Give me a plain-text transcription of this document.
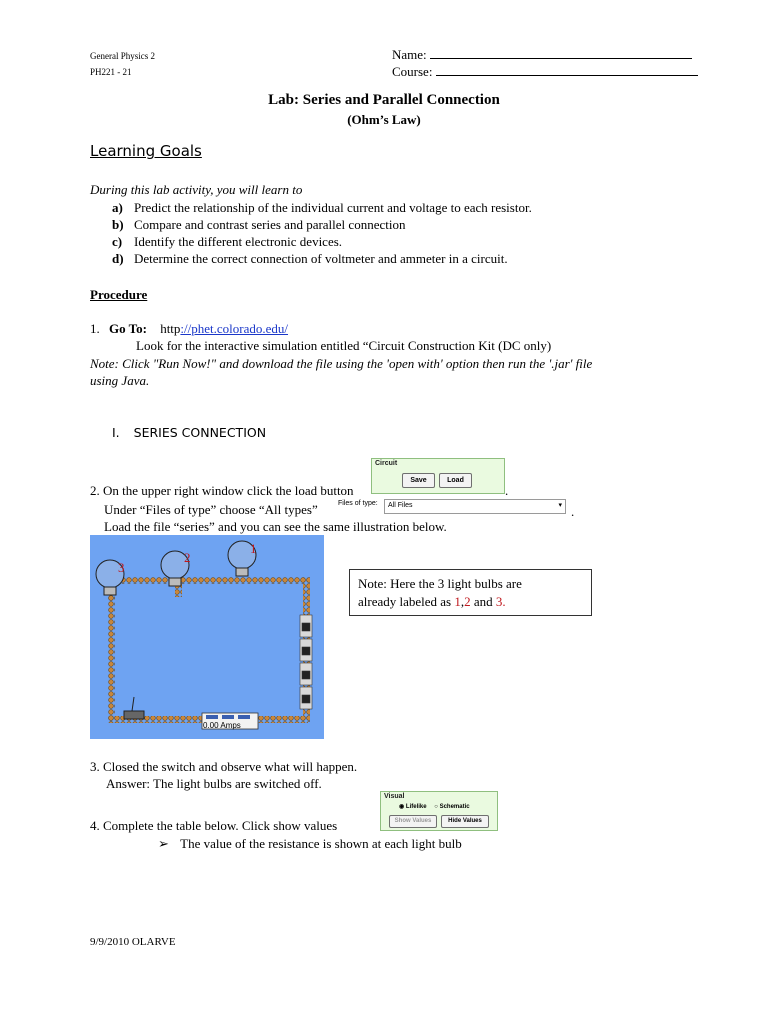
General Physics 2
PH221 - 21
Name:
Course:
Lab: Series and Parallel Connection
(Ohm’s Law)
Learning Goals
During this lab activity, you will learn to
a) Predict the relationship of the individual current and voltage to each resistor.
b) Compare and contrast series and parallel connection
c) Identify the different electronic devices.
d) Determine the correct connection of voltmeter and ammeter in a circuit.
Procedure
1. Go To: http://phet.colorado.edu/
Look for the interactive simulation entitled “Circuit Construction Kit (DC only)
Note: Click "Run Now!" and download the file using the 'open with' option then run the '.jar' file
using Java.
I. SERIES CONNECTION
2. On the upper right window click the load button	.
Circuit
Save	Load
Under “Files of type” choose “All types”	Files of type: All Files	▾ .
Load the file “series” and you can see the same illustration below.
3
2
1
0.00 Amps
Note: Here the 3 light bulbs are
already labeled as 1,2 and 3.
3. Closed the switch and observe what will happen.
Answer: The light bulbs are switched off.
4. Complete the table below. Click show values
Visual
◉ Lifelike ○ Schematic
Show Values	Hide Values
➢ The value of the resistance is shown at each light bulb
9/9/2010 OLARVE
